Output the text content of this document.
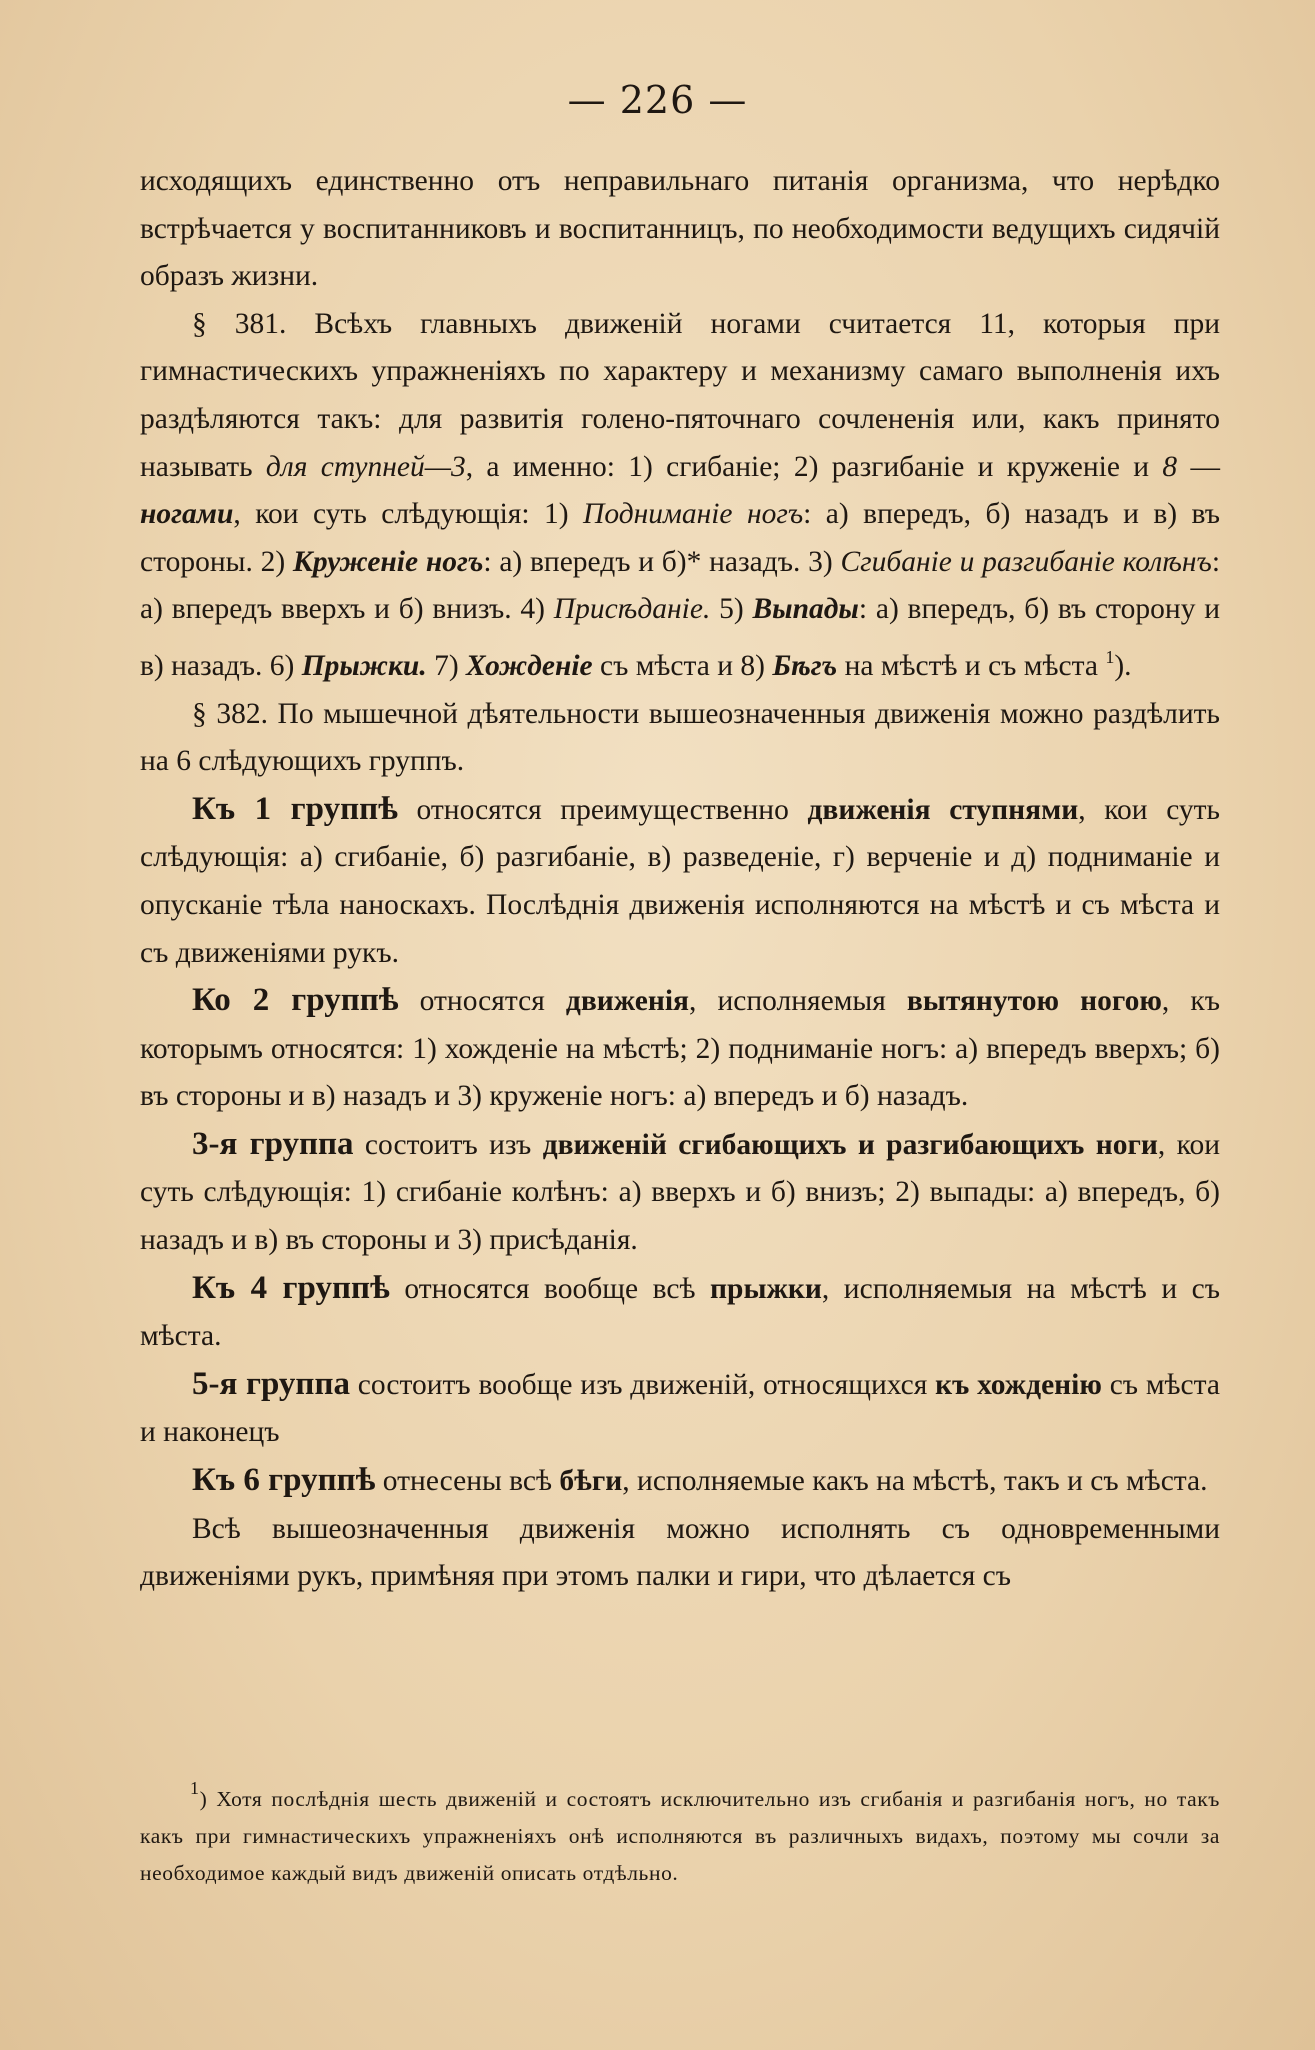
— 226 —

исходящихъ единственно отъ неправильнаго питанія организма, что нерѣдко встрѣчается у воспитанниковъ и воспитанницъ, по необходимости ведущихъ сидячій образъ жизни.

§ 381. Всѣхъ главныхъ движеній ногами считается 11, которыя при гимнастическихъ упражненіяхъ по характеру и механизму самаго выполненія ихъ раздѣляются такъ: для развитія голено-пяточнаго сочлененія или, какъ принято называть для ступней—3, а именно: 1) сгибаніе; 2) разгибаніе и круженіе и 8 — ногами, кои суть слѣдующія: 1) Подниманіе ногъ: а) впередъ, б) назадъ и в) въ стороны. 2) Круженіе ногъ: а) впередъ и б)* назадъ. 3) Сгибаніе и разгибаніе колѣнъ: а) впередъ вверхъ и б) внизъ. 4) Присѣданіе. 5) Выпады: а) впередъ, б) въ сторону и в) назадъ. 6) Прыжки. 7) Хожденіе съ мѣста и 8) Бѣгъ на мѣстѣ и съ мѣста $^1$).

§ 382. По мышечной дѣятельности вышеозначенныя движенія можно раздѣлить на 6 слѣдующихъ группъ.

Къ 1 группѣ относятся преимущественно движенія ступнями, кои суть слѣдующія: а) сгибаніе, б) разгибаніе, в) разведеніе, г) верченіе и д) подниманіе и опусканіе тѣла наноскахъ. Послѣднія движенія исполняются на мѣстѣ и съ мѣста и съ движеніями рукъ.

Ко 2 группѣ относятся движенія, исполняемыя вытянутою ногою, къ которымъ относятся: 1) хожденіе на мѣстѣ; 2) подниманіе ногъ: а) впередъ вверхъ; б) въ стороны и в) назадъ и 3) круженіе ногъ: а) впередъ и б) назадъ.

3-я группа состоитъ изъ движеній сгибающихъ и разгибающихъ ноги, кои суть слѣдующія: 1) сгибаніе колѣнъ: а) вверхъ и б) внизъ; 2) выпады: а) впередъ, б) назадъ и в) въ стороны и 3) присѣданія.

Къ 4 группѣ относятся вообще всѣ прыжки, исполняемыя на мѣстѣ и съ мѣста.

5-я группа состоитъ вообще изъ движеній, относящихся къ хожденію съ мѣста и наконецъ

Къ 6 группѣ отнесены всѣ бѣги, исполняемые какъ на мѣстѣ, такъ и съ мѣста.

Всѣ вышеозначенныя движенія можно исполнять съ одновременными движеніями рукъ, примѣняя при этомъ палки и гири, что дѣлается съ

$^1$) Хотя послѣднія шесть движеній и состоятъ исключительно изъ сгибанія и разгибанія ногъ, но такъ какъ при гимнастическихъ упражненіяхъ онѣ исполняются въ различныхъ видахъ, поэтому мы сочли за необходимое каждый видъ движеній описать отдѣльно.
